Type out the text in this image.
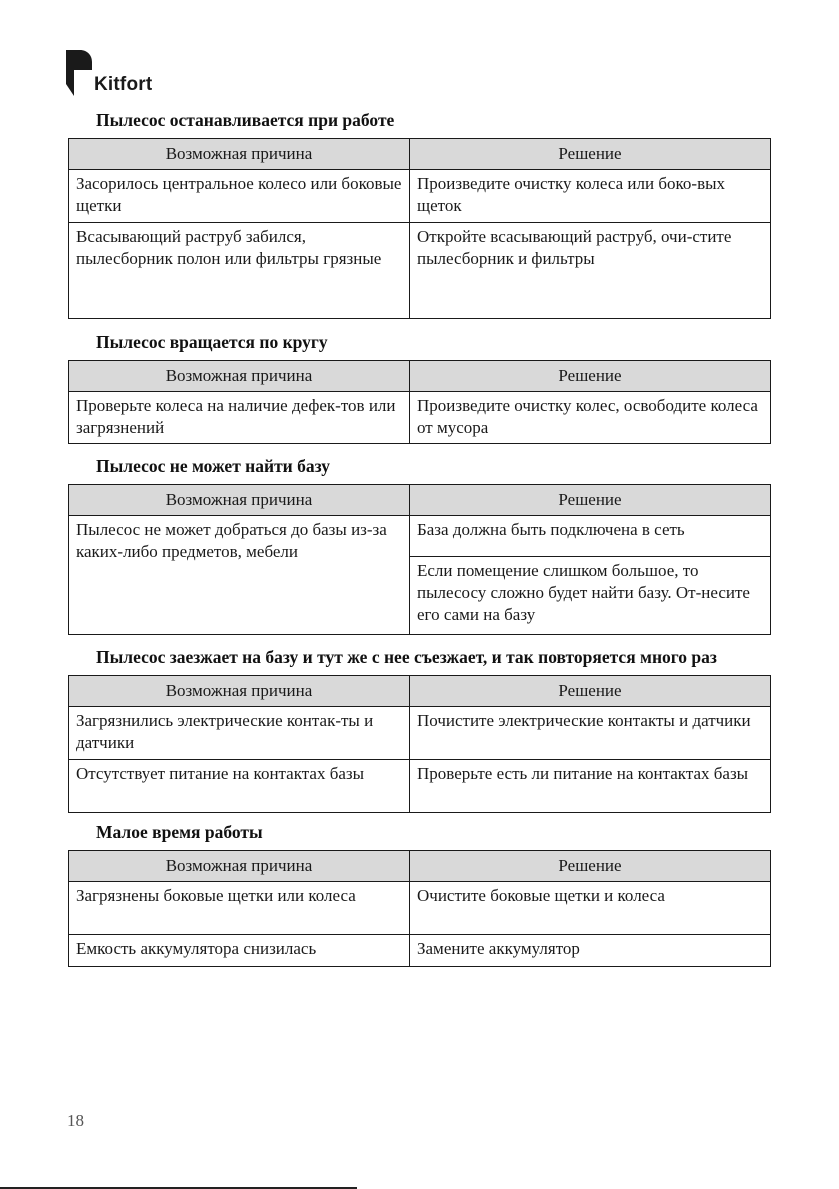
Kitfort
Пылесос останавливается при работе
Возможная причина	Решение
Засорилось центральное колесо или боковые щетки	Произведите очистку колеса или боко-вых щеток
Всасывающий раструб забился, пылесборник полон или фильтры грязные	Откройте всасывающий раструб, очи-стите пылесборник и фильтры
Пылесос вращается по кругу
Возможная причина	Решение
Проверьте колеса на наличие дефек-тов или загрязнений	Произведите очистку колес, освободите колеса от мусора
Пылесос не может найти базу
Возможная причина	Решение
Пылесос не может добраться до базы из-за каких-либо предметов, мебели	База должна быть подключена в сеть
	Если помещение слишком большое, то пылесосу сложно будет найти базу. От-несите его сами на базу
Пылесос заезжает на базу и тут же с нее съезжает, и так повторяется много раз
Возможная причина	Решение
Загрязнились электрические контак-ты и датчики	Почистите электрические контакты и датчики
Отсутствует питание на контактах базы	Проверьте есть ли питание на контактах базы
Малое время работы
Возможная причина	Решение
Загрязнены боковые щетки или колеса	Очистите боковые щетки и колеса
Емкость аккумулятора снизилась	Замените аккумулятор
18
